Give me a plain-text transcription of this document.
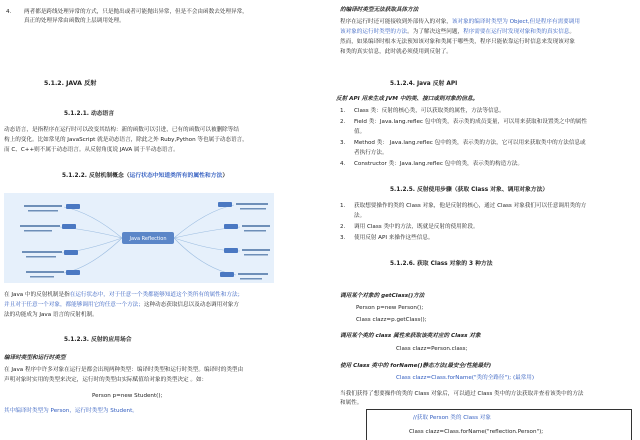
4. 两者都是跨线处理异常的方式，只是抛出或者可能抛出异常，但是不会由函数去处理异常，
真正的处理异常由函数的上层调用处理。
5.1.2. JAVA 反射
5.1.2.1. 动态语言
动态语言，是指程序在运行时可以改变其结构：新的函数可以引进，已有的函数可以被删除等结
构上的变化。比如常见的 JavaScript 就是动态语言，除此之外 Ruby,Python 等也属于动态语言，
而 C、C++则不属于动态语言。从反射角度说 JAVA 属于半动态语言。
5.1.2.2. 反射机制概念（运行状态中知道类所有的属性和方法）
Java Reflection
在 Java 中的反射机制是指在运行状态中，对于任意一个类都能够知道这个类所有的属性和方法；
并且对于任意一个对象，都能够调用它的任意一个方法；这种动态获取信息以及动态调用对象方
法的功能成为 Java 语言的反射机制。
5.1.2.3. 反射的应用场合
编译时类型和运行时类型
在 Java 程序中许多对象在运行是都会出现两种类型：编译时类型和运行时类型。编译时的类型由
声明对象时实用的类型来决定，运行时的类型由实际赋值给对象的类型决定 。如：
Person p=new Student();
其中编译时类型为 Person，运行时类型为 Student。
的编译时类型无法获取具体方法
程序在运行时还可能接收到外部传入的对象，该对象的编译时类型为 Object,但是程序有需要调用
该对象的运行时类型的方法。为了解决这些问题，程序需要在运行时发现对象和类的真实信息。
然而，如果编译时根本无法预知该对象和类属于哪些类，程序只能依靠运行时信息来发现该对象
和类的真实信息，此时就必须使用到反射了。
5.1.2.4. Java 反射 API
反射 API 用来生成 JVM 中的类、接口或则对象的信息。
1. Class 类：反射的核心类，可以获取类的属性，方法等信息。
2. Field 类：Java.lang.reflec 包中的类，表示类的成员变量，可以用来获取和设置类之中的属性
值。
3. Method 类： Java.lang.reflec 包中的类，表示类的方法，它可以用来获取类中的方法信息或
者执行方法。
4. Constructor 类：Java.lang.reflec 包中的类，表示类的构造方法。
5.1.2.5. 反射使用步骤（获取 Class 对象、调用对象方法）
1. 获取想要操作的类的 Class 对象，他是反射的核心，通过 Class 对象我们可以任意调用类的方
法。
2. 调用 Class 类中的方法，既就是反射的使用阶段。
3. 使用反射 API 来操作这些信息。
5.1.2.6. 获取 Class 对象的 3 种方法
调用某个对象的 getClass()方法
Person p=new Person();
Class clazz=p.getClass();
调用某个类的 class 属性来获取该类对应的 Class 对象
Class clazz=Person.class;
使用 Class 类中的 forName()静态方法(最安全/性能最好)
Class clazz=Class.forName("类的全路径"); (最常用)
当我们获得了想要操作的类的 Class 对象后，可以通过 Class 类中的方法获取并查看该类中的方法
和属性。
//获取 Person 类的 Class 对象
Class clazz=Class.forName("reflection.Person");
